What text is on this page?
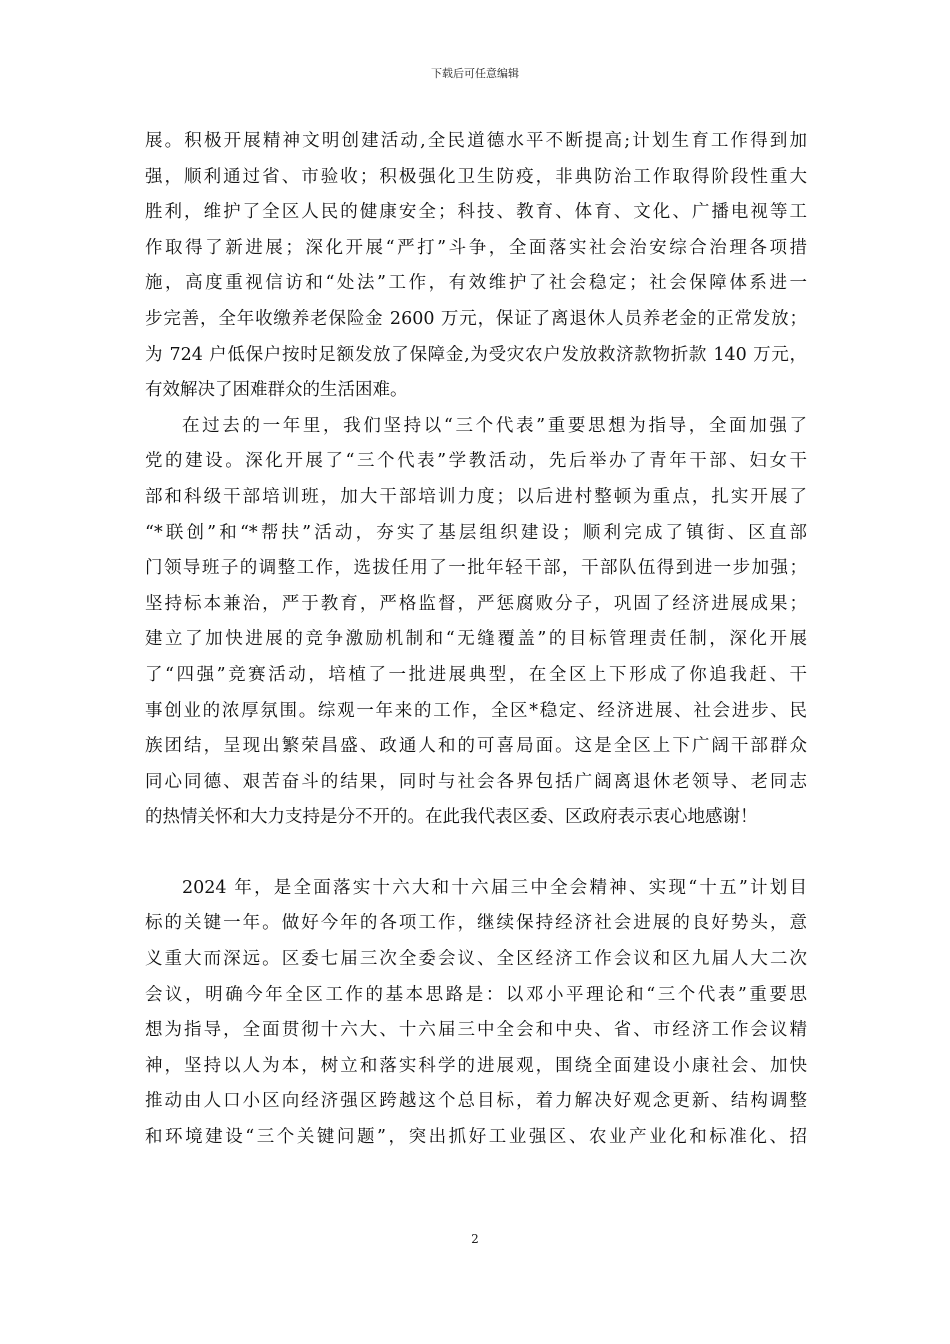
下载后可任意编辑
展。积极开展精神文明创建活动,全民道德水平不断提高;计划生育工作得到加
强，顺利通过省、市验收；积极强化卫生防疫，非典防治工作取得阶段性重大
胜利，维护了全区人民的健康安全；科技、教育、体育、文化、广播电视等工
作取得了新进展；深化开展“严打”斗争，全面落实社会治安综合治理各项措
施，高度重视信访和“处法”工作，有效维护了社会稳定；社会保障体系进一
步完善，全年收缴养老保险金 2600 万元，保证了离退休人员养老金的正常发放；
为 724 户低保户按时足额发放了保障金,为受灾农户发放救济款物折款 140 万元，
有效解决了困难群众的生活困难。
在过去的一年里，我们坚持以“三个代表”重要思想为指导，全面加强了
党的建设。深化开展了“三个代表”学教活动，先后举办了青年干部、妇女干
部和科级干部培训班，加大干部培训力度；以后进村整顿为重点，扎实开展了
“*联创”和“*帮扶”活动，夯实了基层组织建设；顺利完成了镇街、区直部
门领导班子的调整工作，选拔任用了一批年轻干部，干部队伍得到进一步加强；
坚持标本兼治，严于教育，严格监督，严惩腐败分子，巩固了经济进展成果；
建立了加快进展的竞争激励机制和“无缝覆盖”的目标管理责任制，深化开展
了“四强”竞赛活动，培植了一批进展典型，在全区上下形成了你追我赶、干
事创业的浓厚氛围。综观一年来的工作，全区*稳定、经济进展、社会进步、民
族团结，呈现出繁荣昌盛、政通人和的可喜局面。这是全区上下广阔干部群众
同心同德、艰苦奋斗的结果，同时与社会各界包括广阔离退休老领导、老同志
的热情关怀和大力支持是分不开的。在此我代表区委、区政府表示衷心地感谢！
2024 年，是全面落实十六大和十六届三中全会精神、实现“十五”计划目
标的关键一年。做好今年的各项工作，继续保持经济社会进展的良好势头，意
义重大而深远。区委七届三次全委会议、全区经济工作会议和区九届人大二次
会议，明确今年全区工作的基本思路是：以邓小平理论和“三个代表”重要思
想为指导，全面贯彻十六大、十六届三中全会和中央、省、市经济工作会议精
神，坚持以人为本，树立和落实科学的进展观，围绕全面建设小康社会、加快
推动由人口小区向经济强区跨越这个总目标，着力解决好观念更新、结构调整
和环境建设“三个关键问题”，突出抓好工业强区、农业产业化和标准化、招
2
